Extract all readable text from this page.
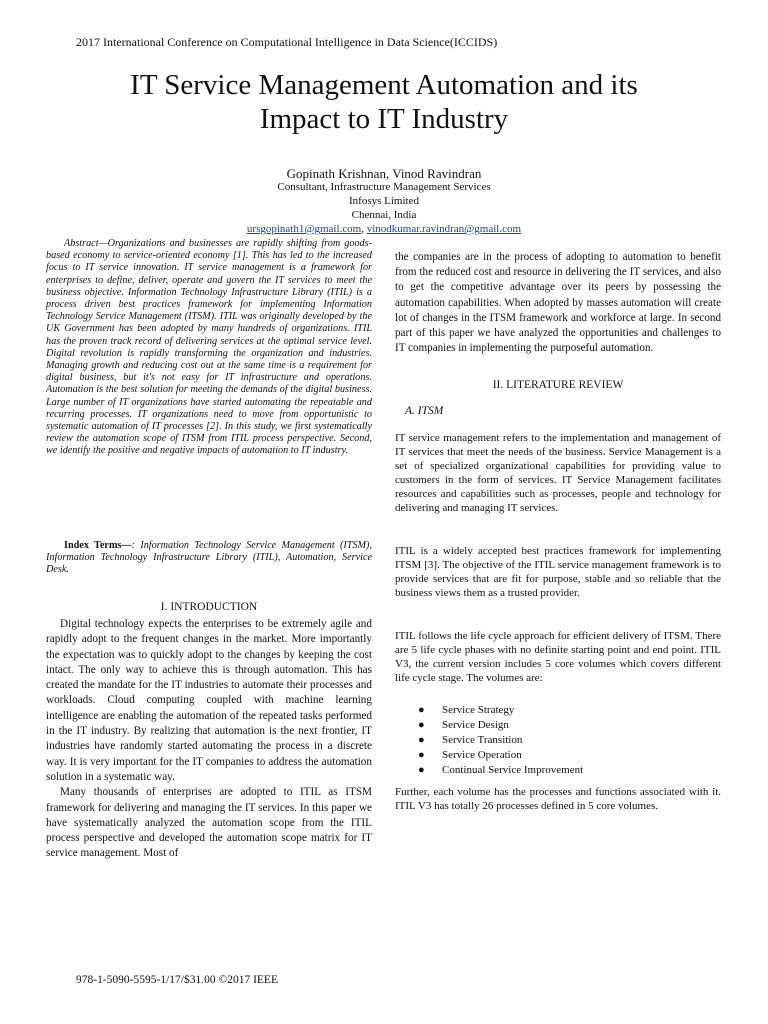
2017 International Conference on Computational Intelligence in Data Science(ICCIDS)
IT Service Management Automation and its
Impact to IT Industry
Gopinath Krishnan, Vinod Ravindran
Consultant, Infrastructure Management Services
Infosys Limited
Chennai, India
ursgopinath1@gmail.com, vinodkumar.ravindran@gmail.com

Abstract—Organizations and businesses are rapidly shifting from goods-based economy to service-oriented economy [1]. This has led to the increased focus to IT service innovation. IT service management is a framework for enterprises to define, deliver, operate and govern the IT services to meet the business objective. Information Technology Infrastructure Library (ITIL) is a process driven best practices framework for implementing Information Technology Service Management (ITSM). ITIL was originally developed by the UK Government has been adopted by many hundreds of organizations. ITIL has the proven track record of delivering services at the optimal service level. Digital revolution is rapidly transforming the organization and industries. Managing growth and reducing cost out at the same time is a requirement for digital business, but it's not easy for IT infrastructure and operations. Automation is the best solution for meeting the demands of the digital business. Large number of IT organizations have started automating the repeatable and recurring processes. IT organizations need to move from opportunistic to systematic automation of IT processes [2]. In this study, we first systematically review the automation scope of ITSM from ITIL process perspective. Second, we identify the positive and negative impacts of automation to IT industry.

Index Terms—: Information Technology Service Management (ITSM), Information Technology Infrastructure Library (ITIL), Automation, Service Desk.

I. INTRODUCTION

Digital technology expects the enterprises to be extremely agile and rapidly adopt to the frequent changes in the market. More importantly the expectation was to quickly adopt to the changes by keeping the cost intact. The only way to achieve this is through automation. This has created the mandate for the IT industries to automate their processes and workloads. Cloud computing coupled with machine learning intelligence are enabling the automation of the repeated tasks performed in the IT industry. By realizing that automation is the next frontier, IT industries have randomly started automating the process in a discrete way. It is very important for the IT companies to address the automation solution in a systematic way.

Many thousands of enterprises are adopted to ITIL as ITSM framework for delivering and managing the IT services. In this paper we have systematically analyzed the automation scope from the ITIL process perspective and developed the automation scope matrix for IT service management. Most of

the companies are in the process of adopting to automation to benefit from the reduced cost and resource in delivering the IT services, and also to get the competitive advantage over its peers by possessing the automation capabilities. When adopted by masses automation will create lot of changes in the ITSM framework and workforce at large. In second part of this paper we have analyzed the opportunities and challenges to IT companies in implementing the purposeful automation.

II. LITERATURE REVIEW
A. ITSM

IT service management refers to the implementation and management of IT services that meet the needs of the business. Service Management is a set of specialized organizational capabilities for providing value to customers in the form of services. IT Service Management facilitates resources and capabilities such as processes, people and technology for delivering and managing IT services.

ITIL is a widely accepted best practices framework for implementing ITSM [3]. The objective of the ITIL service management framework is to provide services that are fit for purpose, stable and so reliable that the business views them as a trusted provider.

ITIL follows the life cycle approach for efficient delivery of ITSM. There are 5 life cycle phases with no definite starting point and end point. ITIL V3, the current version includes 5 core volumes which covers different life cycle stage. The volumes are:

●	Service Strategy
●	Service Design
●	Service Transition
●	Service Operation
●	Continual Service Improvement

Further, each volume has the processes and functions associated with it. ITIL V3 has totally 26 processes defined in 5 core volumes.

978-1-5090-5595-1/17/$31.00 ©2017 IEEE
